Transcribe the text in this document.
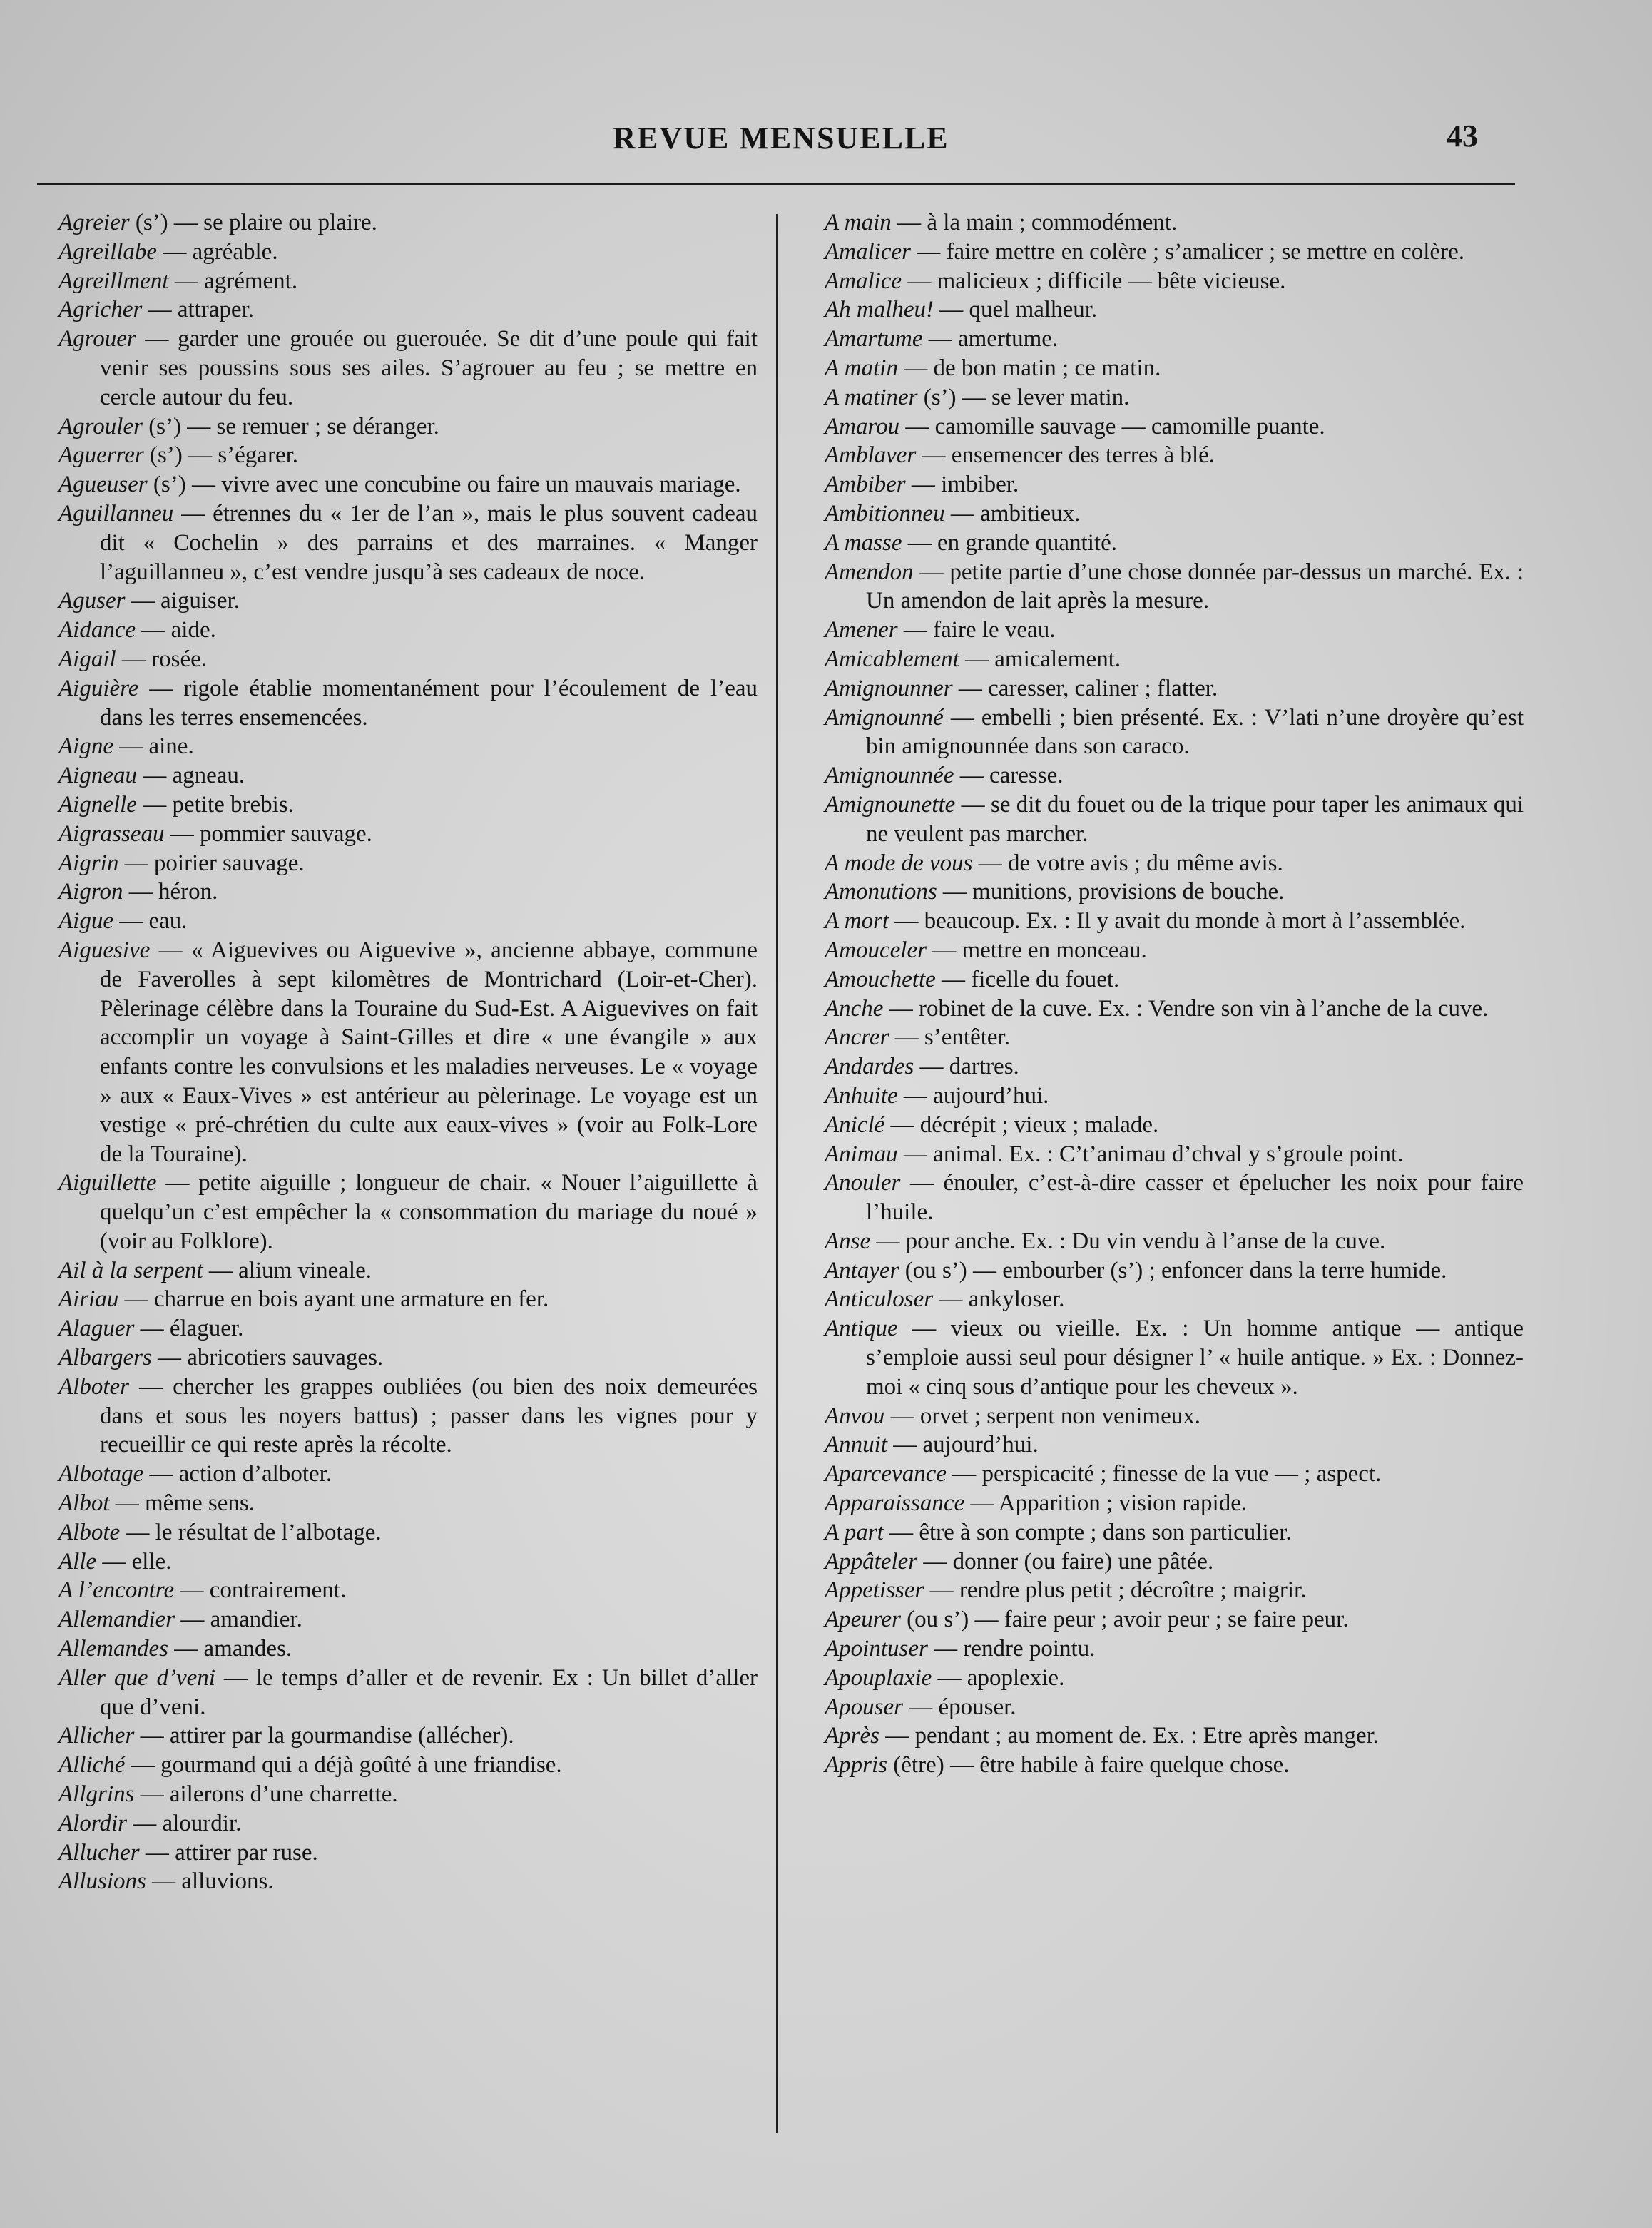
REVUE MENSUELLE	43
Agreier (s’) — se plaire ou plaire.
Agreillabe — agréable.
Agreillment — agrément.
Agricher — attraper.
Agrouer — garder une grouée ou guerouée. Se dit d’une poule qui fait venir ses poussins sous ses ailes. S’agrouer au feu ; se mettre en cercle autour du feu.
Agrouler (s’) — se remuer ; se déranger.
Aguerrer (s’) — s’égarer.
Agueuser (s’) — vivre avec une concubine ou faire un mauvais mariage.
Aguillanneu — étrennes du « 1er de l’an », mais le plus souvent cadeau dit « Cochelin » des parrains et des marraines. « Manger l’aguillanneu », c’est vendre jusqu’à ses cadeaux de noce.
Aguser — aiguiser.
Aidance — aide.
Aigail — rosée.
Aiguière — rigole établie momentanément pour l’écoulement de l’eau dans les terres ensemencées.
Aigne — aine.
Aigneau — agneau.
Aignelle — petite brebis.
Aigrasseau — pommier sauvage.
Aigrin — poirier sauvage.
Aigron — héron.
Aigue — eau.
Aiguesive — « Aiguevives ou Aiguevive », ancienne abbaye, commune de Faverolles à sept kilomètres de Montrichard (Loir-et-Cher). Pèlerinage célèbre dans la Touraine du Sud-Est. A Aiguevives on fait accomplir un voyage à Saint-Gilles et dire « une évangile » aux enfants contre les convulsions et les maladies nerveuses. Le « voyage » aux « Eaux-Vives » est antérieur au pèlerinage. Le voyage est un vestige « pré-chrétien du culte aux eaux-vives » (voir au Folk-Lore de la Touraine).
Aiguillette — petite aiguille ; longueur de chair. « Nouer l’aiguillette à quelqu’un c’est empêcher la « consommation du mariage du noué » (voir au Folklore).
Ail à la serpent — alium vineale.
Airiau — charrue en bois ayant une armature en fer.
Alaguer — élaguer.
Albargers — abricotiers sauvages.
Alboter — chercher les grappes oubliées (ou bien des noix demeurées dans et sous les noyers battus) ; passer dans les vignes pour y recueillir ce qui reste après la récolte.
Albotage — action d’alboter.
Albot — même sens.
Albote — le résultat de l’albotage.
Alle — elle.
A l’encontre — contrairement.
Allemandier — amandier.
Allemandes — amandes.
Aller que d’veni — le temps d’aller et de revenir. Ex : Un billet d’aller que d’veni.
Allicher — attirer par la gourmandise (allécher).
Alliché — gourmand qui a déjà goûté à une friandise.
Allgrins — ailerons d’une charrette.
Alordir — alourdir.
Allucher — attirer par ruse.
Allusions — alluvions.
A main — à la main ; commodément.
Amalicer — faire mettre en colère ; s’amalicer ; se mettre en colère.
Amalice — malicieux ; difficile — bête vicieuse.
Ah malheu! — quel malheur.
Amartume — amertume.
A matin — de bon matin ; ce matin.
A matiner (s’) — se lever matin.
Amarou — camomille sauvage — camomille puante.
Amblaver — ensemencer des terres à blé.
Ambiber — imbiber.
Ambitionneu — ambitieux.
A masse — en grande quantité.
Amendon — petite partie d’une chose donnée par-dessus un marché. Ex. : Un amendon de lait après la mesure.
Amener — faire le veau.
Amicablement — amicalement.
Amignounner — caresser, caliner ; flatter.
Amignounné — embelli ; bien présenté. Ex. : V’lati n’une droyère qu’est bin amignounnée dans son caraco.
Amignounnée — caresse.
Amignounette — se dit du fouet ou de la trique pour taper les animaux qui ne veulent pas marcher.
A mode de vous — de votre avis ; du même avis.
Amonutions — munitions, provisions de bouche.
A mort — beaucoup. Ex. : Il y avait du monde à mort à l’assemblée.
Amouceler — mettre en monceau.
Amouchette — ficelle du fouet.
Anche — robinet de la cuve. Ex. : Vendre son vin à l’anche de la cuve.
Ancrer — s’entêter.
Andardes — dartres.
Anhuite — aujourd’hui.
Aniclé — décrépit ; vieux ; malade.
Animau — animal. Ex. : C’t’animau d’chval y s’groule point.
Anouler — énouler, c’est-à-dire casser et épelucher les noix pour faire l’huile.
Anse — pour anche. Ex. : Du vin vendu à l’anse de la cuve.
Antayer (ou s’) — embourber (s’) ; enfoncer dans la terre humide.
Anticuloser — ankyloser.
Antique — vieux ou vieille. Ex. : Un homme antique — antique s’emploie aussi seul pour désigner l’ « huile antique. » Ex. : Donnez-moi « cinq sous d’antique pour les cheveux ».
Anvou — orvet ; serpent non venimeux.
Annuit — aujourd’hui.
Aparcevance — perspicacité ; finesse de la vue — ; aspect.
Apparaissance — Apparition ; vision rapide.
A part — être à son compte ; dans son particulier.
Appâteler — donner (ou faire) une pâtée.
Appetisser — rendre plus petit ; décroître ; maigrir.
Apeurer (ou s’) — faire peur ; avoir peur ; se faire peur.
Apointuser — rendre pointu.
Apouplaxie — apoplexie.
Apouser — épouser.
Après — pendant ; au moment de. Ex. : Etre après manger.
Appris (être) — être habile à faire quelque chose.
